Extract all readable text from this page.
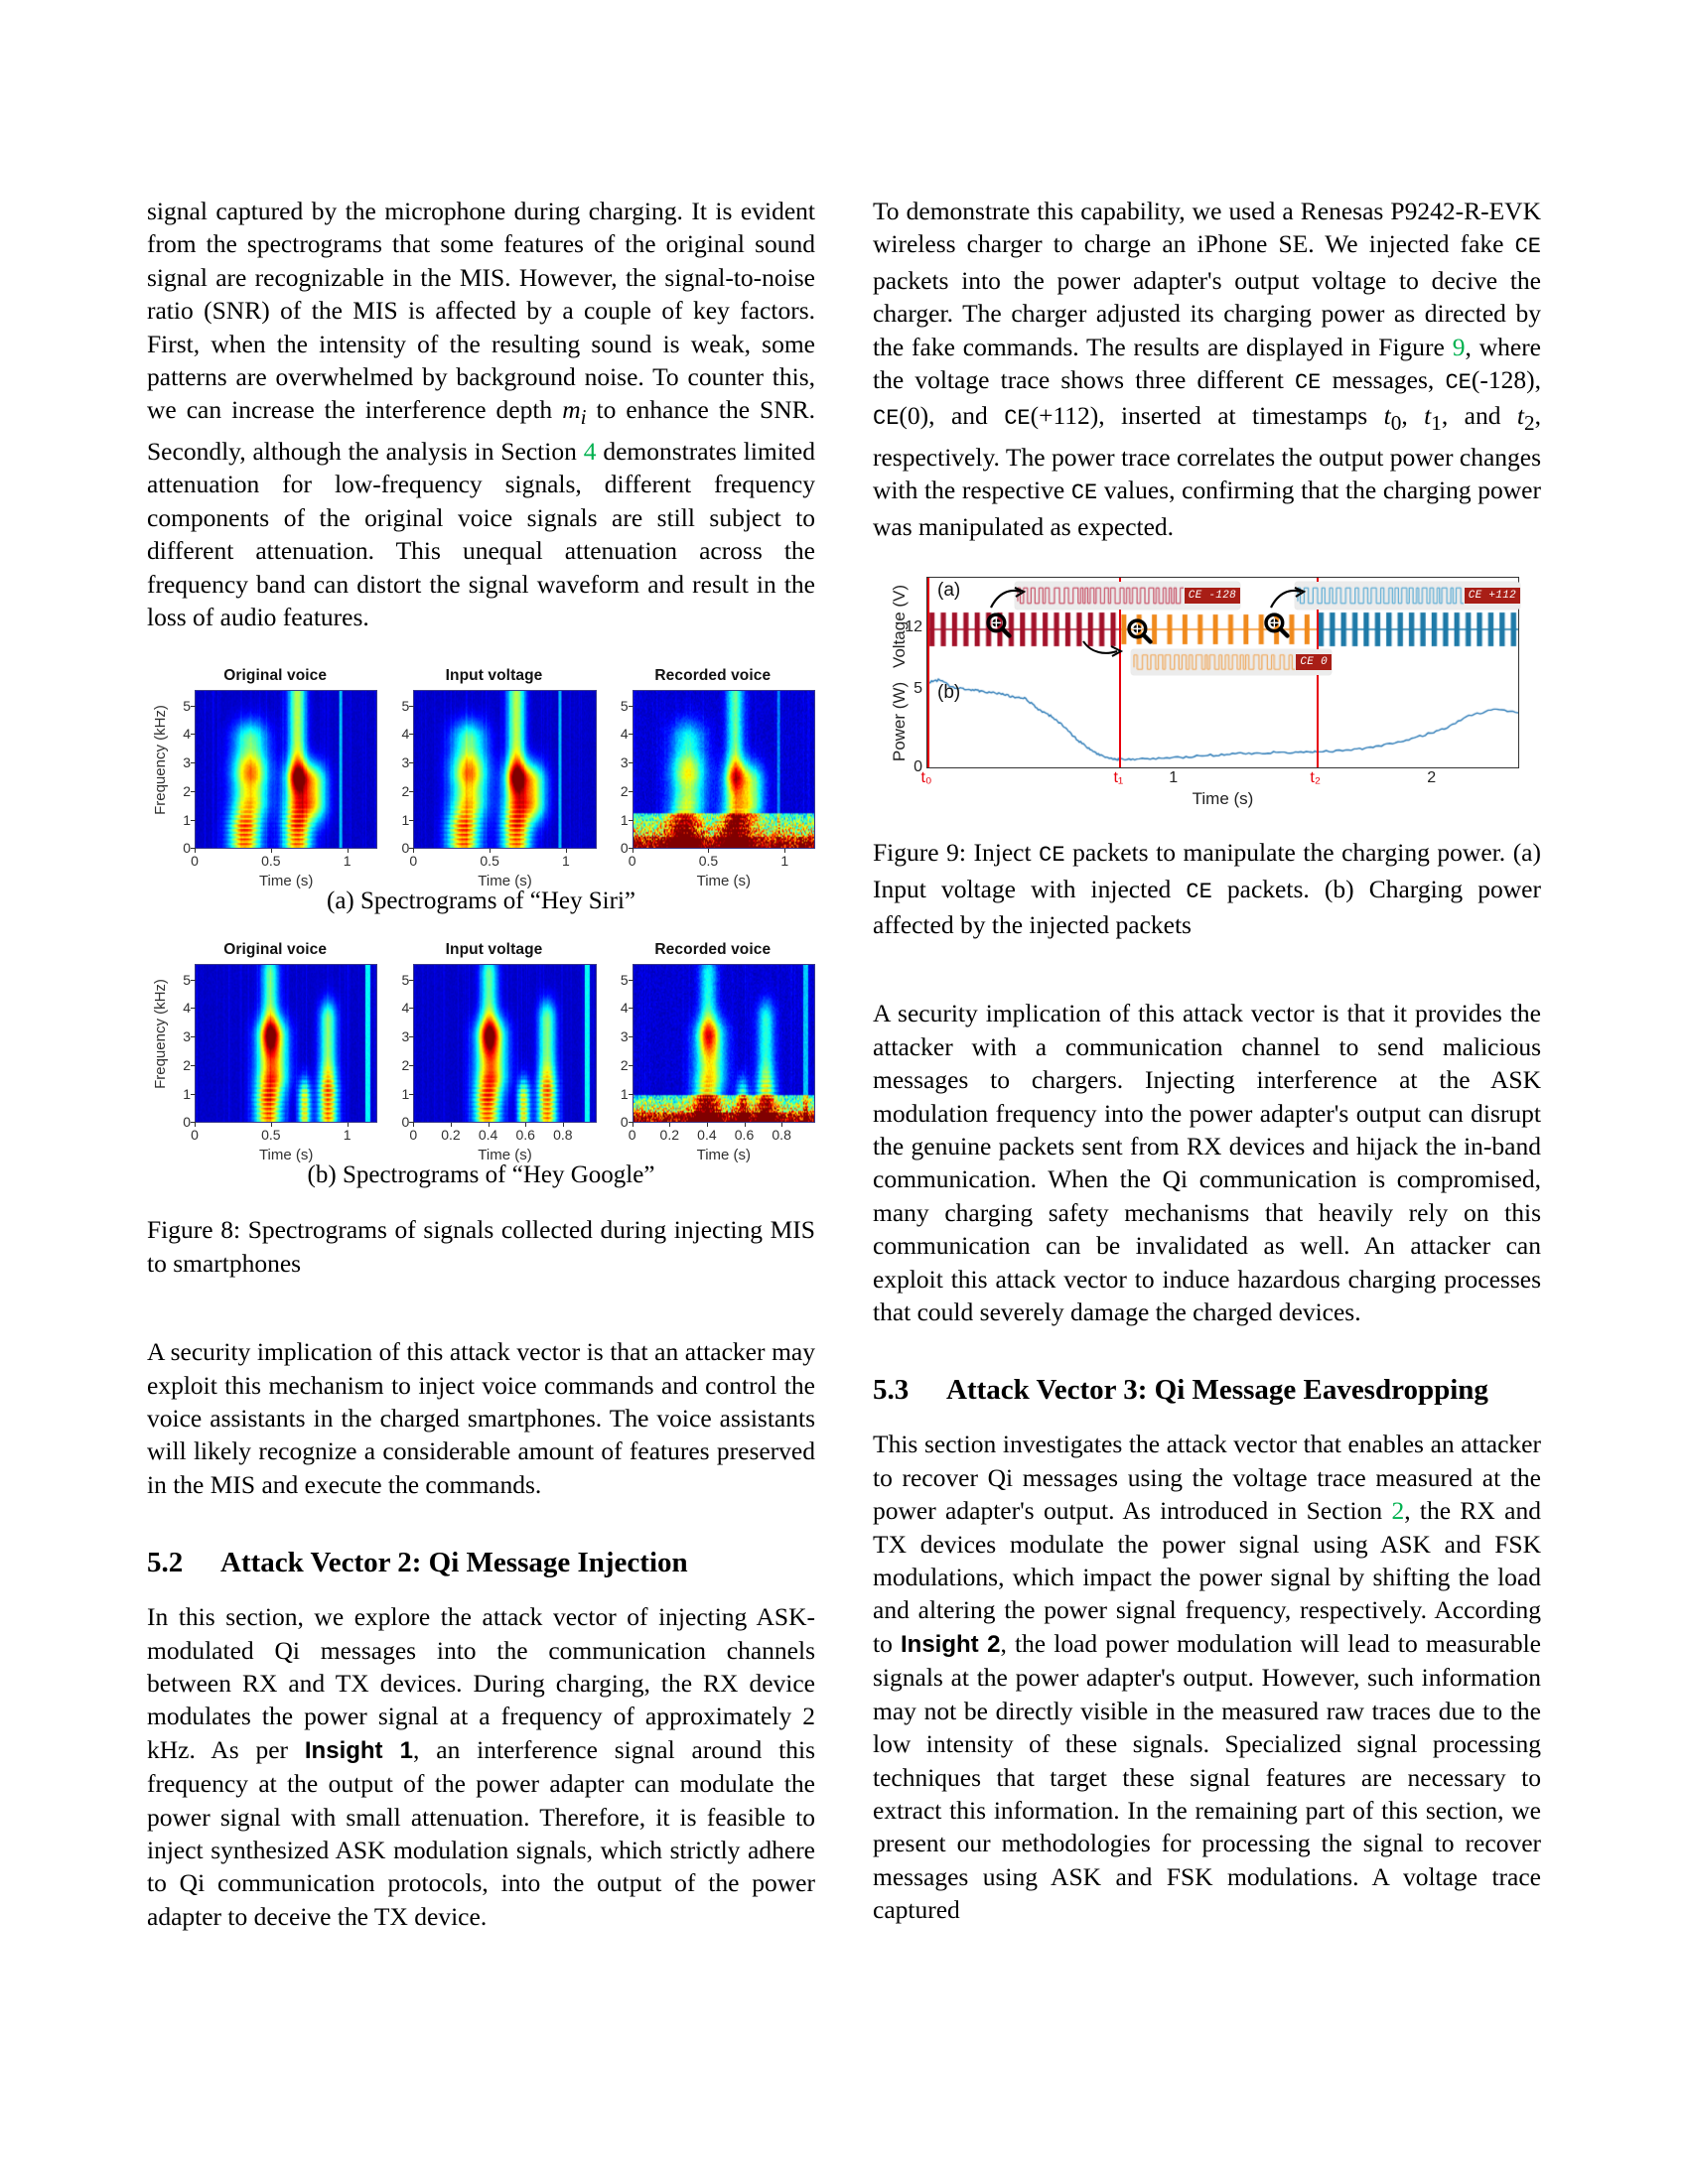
signal captured by the microphone during charging. It is evident from the spectrograms that some features of the original sound signal are recognizable in the MIS. However, the signal-to-noise ratio (SNR) of the MIS is affected by a couple of key factors. First, when the intensity of the resulting sound is weak, some patterns are overwhelmed by background noise. To counter this, we can increase the interference depth $m_i$ to enhance the SNR. Secondly, although the analysis in Section 4 demonstrates limited attenuation for low-frequency signals, different frequency components of the original voice signals are still subject to different attenuation. This unequal attenuation across the frequency band can distort the signal waveform and result in the loss of audio features.

Frequency (kHz)
Original voice
0
1
2
3
4
5
0	0.5	1
Time (s)
Input voltage
0
1
2
3
4
5
0	0.5	1
Time (s)
Recorded voice
0
1
2
3
4
5
0	0.5	1
Time (s)
(a) Spectrograms of “Hey Siri”
Frequency (kHz)
Original voice
0
1
2
3
4
5
0	0.5	1
Time (s)
Input voltage
0
1
2
3
4
5
0 0.2 0.4 0.6 0.8
Time (s)
Recorded voice
0
1
2
3
4
5
0 0.2 0.4 0.6 0.8
Time (s)
(b) Spectrograms of “Hey Google”

Figure 8: Spectrograms of signals collected during injecting MIS to smartphones

A security implication of this attack vector is that an attacker may exploit this mechanism to inject voice commands and control the voice assistants in the charged smartphones. The voice assistants will likely recognize a considerable amount of features preserved in the MIS and execute the commands.

5.2	Attack Vector 2: Qi Message Injection

In this section, we explore the attack vector of injecting ASK-modulated Qi messages into the communication channels between RX and TX devices. During charging, the RX device modulates the power signal at a frequency of approximately 2 kHz. As per Insight 1, an interference signal around this frequency at the output of the power adapter can modulate the power signal with small attenuation. Therefore, it is feasible to inject synthesized ASK modulation signals, which strictly adhere to Qi communication protocols, into the output of the power adapter to deceive the TX device.

To demonstrate this capability, we used a Renesas P9242-R-EVK wireless charger to charge an iPhone SE. We injected fake CE packets into the power adapter's output voltage to decive the charger. The charger adjusted its charging power as directed by the fake commands. The results are displayed in Figure 9, where the voltage trace shows three different CE messages, CE(-128), CE(0), and CE(+112), inserted at timestamps $t_0$, $t_1$, and $t_2$, respectively. The power trace correlates the output power changes with the respective CE values, confirming that the charging power was manipulated as expected.

Voltage (V)
Power (W)
12
(a)	CE -128	CE +112
CE 0
5
0
(b)
t₀	t₁	1	t₂	2
Time (s)

Figure 9: Inject CE packets to manipulate the charging power. (a) Input voltage with injected CE packets. (b) Charging power affected by the injected packets

A security implication of this attack vector is that it provides the attacker with a communication channel to send malicious messages to chargers. Injecting interference at the ASK modulation frequency into the power adapter's output can disrupt the genuine packets sent from RX devices and hijack the in-band communication. When the Qi communication is compromised, many charging safety mechanisms that heavily rely on this communication can be invalidated as well. An attacker can exploit this attack vector to induce hazardous charging processes that could severely damage the charged devices.

5.3	Attack Vector 3: Qi Message Eavesdropping

This section investigates the attack vector that enables an attacker to recover Qi messages using the voltage trace measured at the power adapter's output. As introduced in Section 2, the RX and TX devices modulate the power signal using ASK and FSK modulations, which impact the power signal by shifting the load and altering the power signal frequency, respectively. According to Insight 2, the load power modulation will lead to measurable signals at the power adapter's output. However, such information may not be directly visible in the measured raw traces due to the low intensity of these signals. Specialized signal processing techniques that target these signal features are necessary to extract this information. In the remaining part of this section, we present our methodologies for processing the signal to recover messages using ASK and FSK modulations. A voltage trace captured
